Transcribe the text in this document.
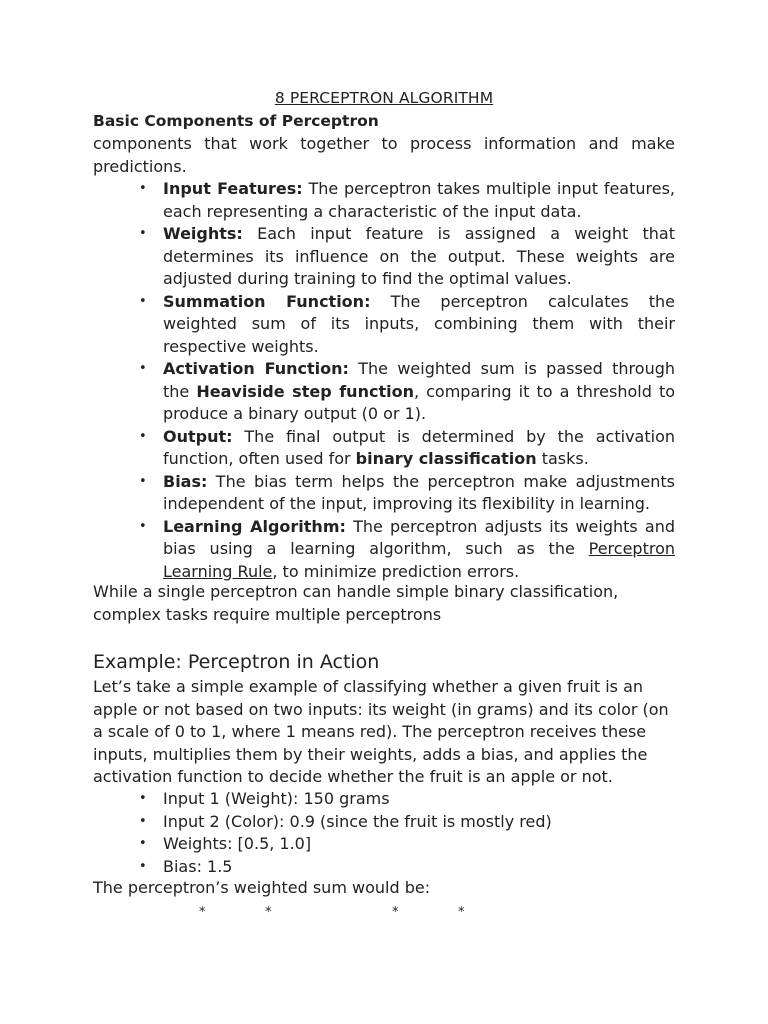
8 PERCEPTRON ALGORITHM
Basic Components of Perceptron
components that work together to process information and make predictions.
• Input Features: The perceptron takes multiple input features, each representing a characteristic of the input data.
• Weights: Each input feature is assigned a weight that determines its influence on the output. These weights are adjusted during training to find the optimal values.
• Summation Function: The perceptron calculates the weighted sum of its inputs, combining them with their respective weights.
• Activation Function: The weighted sum is passed through the Heaviside step function, comparing it to a threshold to produce a binary output (0 or 1).
• Output: The final output is determined by the activation function, often used for binary classification tasks.
• Bias: The bias term helps the perceptron make adjustments independent of the input, improving its flexibility in learning.
• Learning Algorithm: The perceptron adjusts its weights and bias using a learning algorithm, such as the Perceptron Learning Rule, to minimize prediction errors.
While a single perceptron can handle simple binary classification, complex tasks require multiple perceptrons
Example: Perceptron in Action
Let’s take a simple example of classifying whether a given fruit is an apple or not based on two inputs: its weight (in grams) and its color (on a scale of 0 to 1, where 1 means red). The perceptron receives these inputs, multiplies them by their weights, adds a bias, and applies the activation function to decide whether the fruit is an apple or not.
• Input 1 (Weight): 150 grams
• Input 2 (Color): 0.9 (since the fruit is mostly red)
• Weights: [0.5, 1.0]
• Bias: 1.5
The perceptron’s weighted sum would be:
*	*	*	*
